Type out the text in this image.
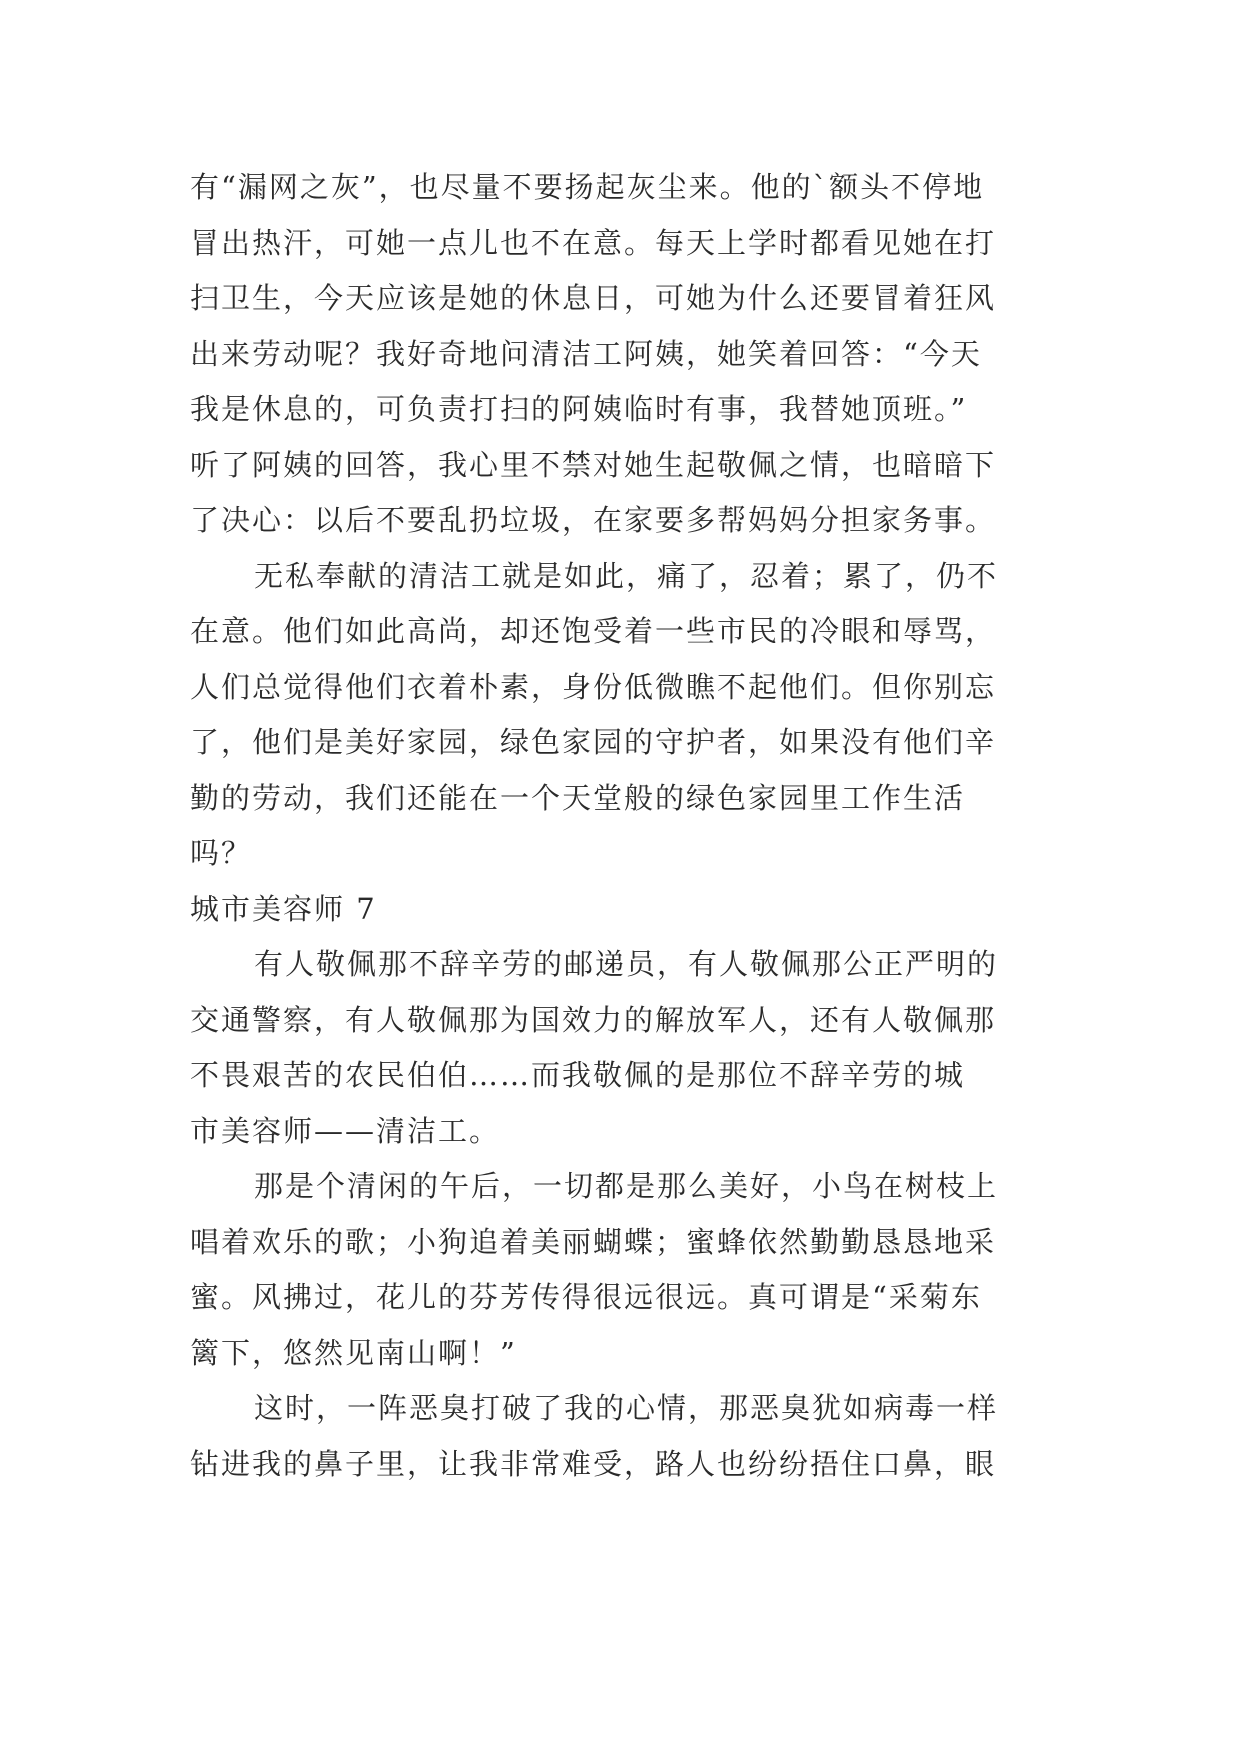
有“漏网之灰”，也尽量不要扬起灰尘来。他的`额头不停地
冒出热汗，可她一点儿也不在意。每天上学时都看见她在打
扫卫生，今天应该是她的休息日，可她为什么还要冒着狂风
出来劳动呢？我好奇地问清洁工阿姨，她笑着回答：“今天
我是休息的，可负责打扫的阿姨临时有事，我替她顶班。”
听了阿姨的回答，我心里不禁对她生起敬佩之情，也暗暗下
了决心：以后不要乱扔垃圾，在家要多帮妈妈分担家务事。
无私奉献的清洁工就是如此，痛了，忍着；累了，仍不
在意。他们如此高尚，却还饱受着一些市民的冷眼和辱骂，
人们总觉得他们衣着朴素，身份低微瞧不起他们。但你别忘
了，他们是美好家园，绿色家园的守护者，如果没有他们辛
勤的劳动，我们还能在一个天堂般的绿色家园里工作生活
吗？
城市美容师 7
有人敬佩那不辞辛劳的邮递员，有人敬佩那公正严明的
交通警察，有人敬佩那为国效力的解放军人，还有人敬佩那
不畏艰苦的农民伯伯……而我敬佩的是那位不辞辛劳的城
市美容师——清洁工。
那是个清闲的午后，一切都是那么美好，小鸟在树枝上
唱着欢乐的歌；小狗追着美丽蝴蝶；蜜蜂依然勤勤恳恳地采
蜜。风拂过，花儿的芬芳传得很远很远。真可谓是“采菊东
篱下，悠然见南山啊！”
这时，一阵恶臭打破了我的心情，那恶臭犹如病毒一样
钻进我的鼻子里，让我非常难受，路人也纷纷捂住口鼻，眼
